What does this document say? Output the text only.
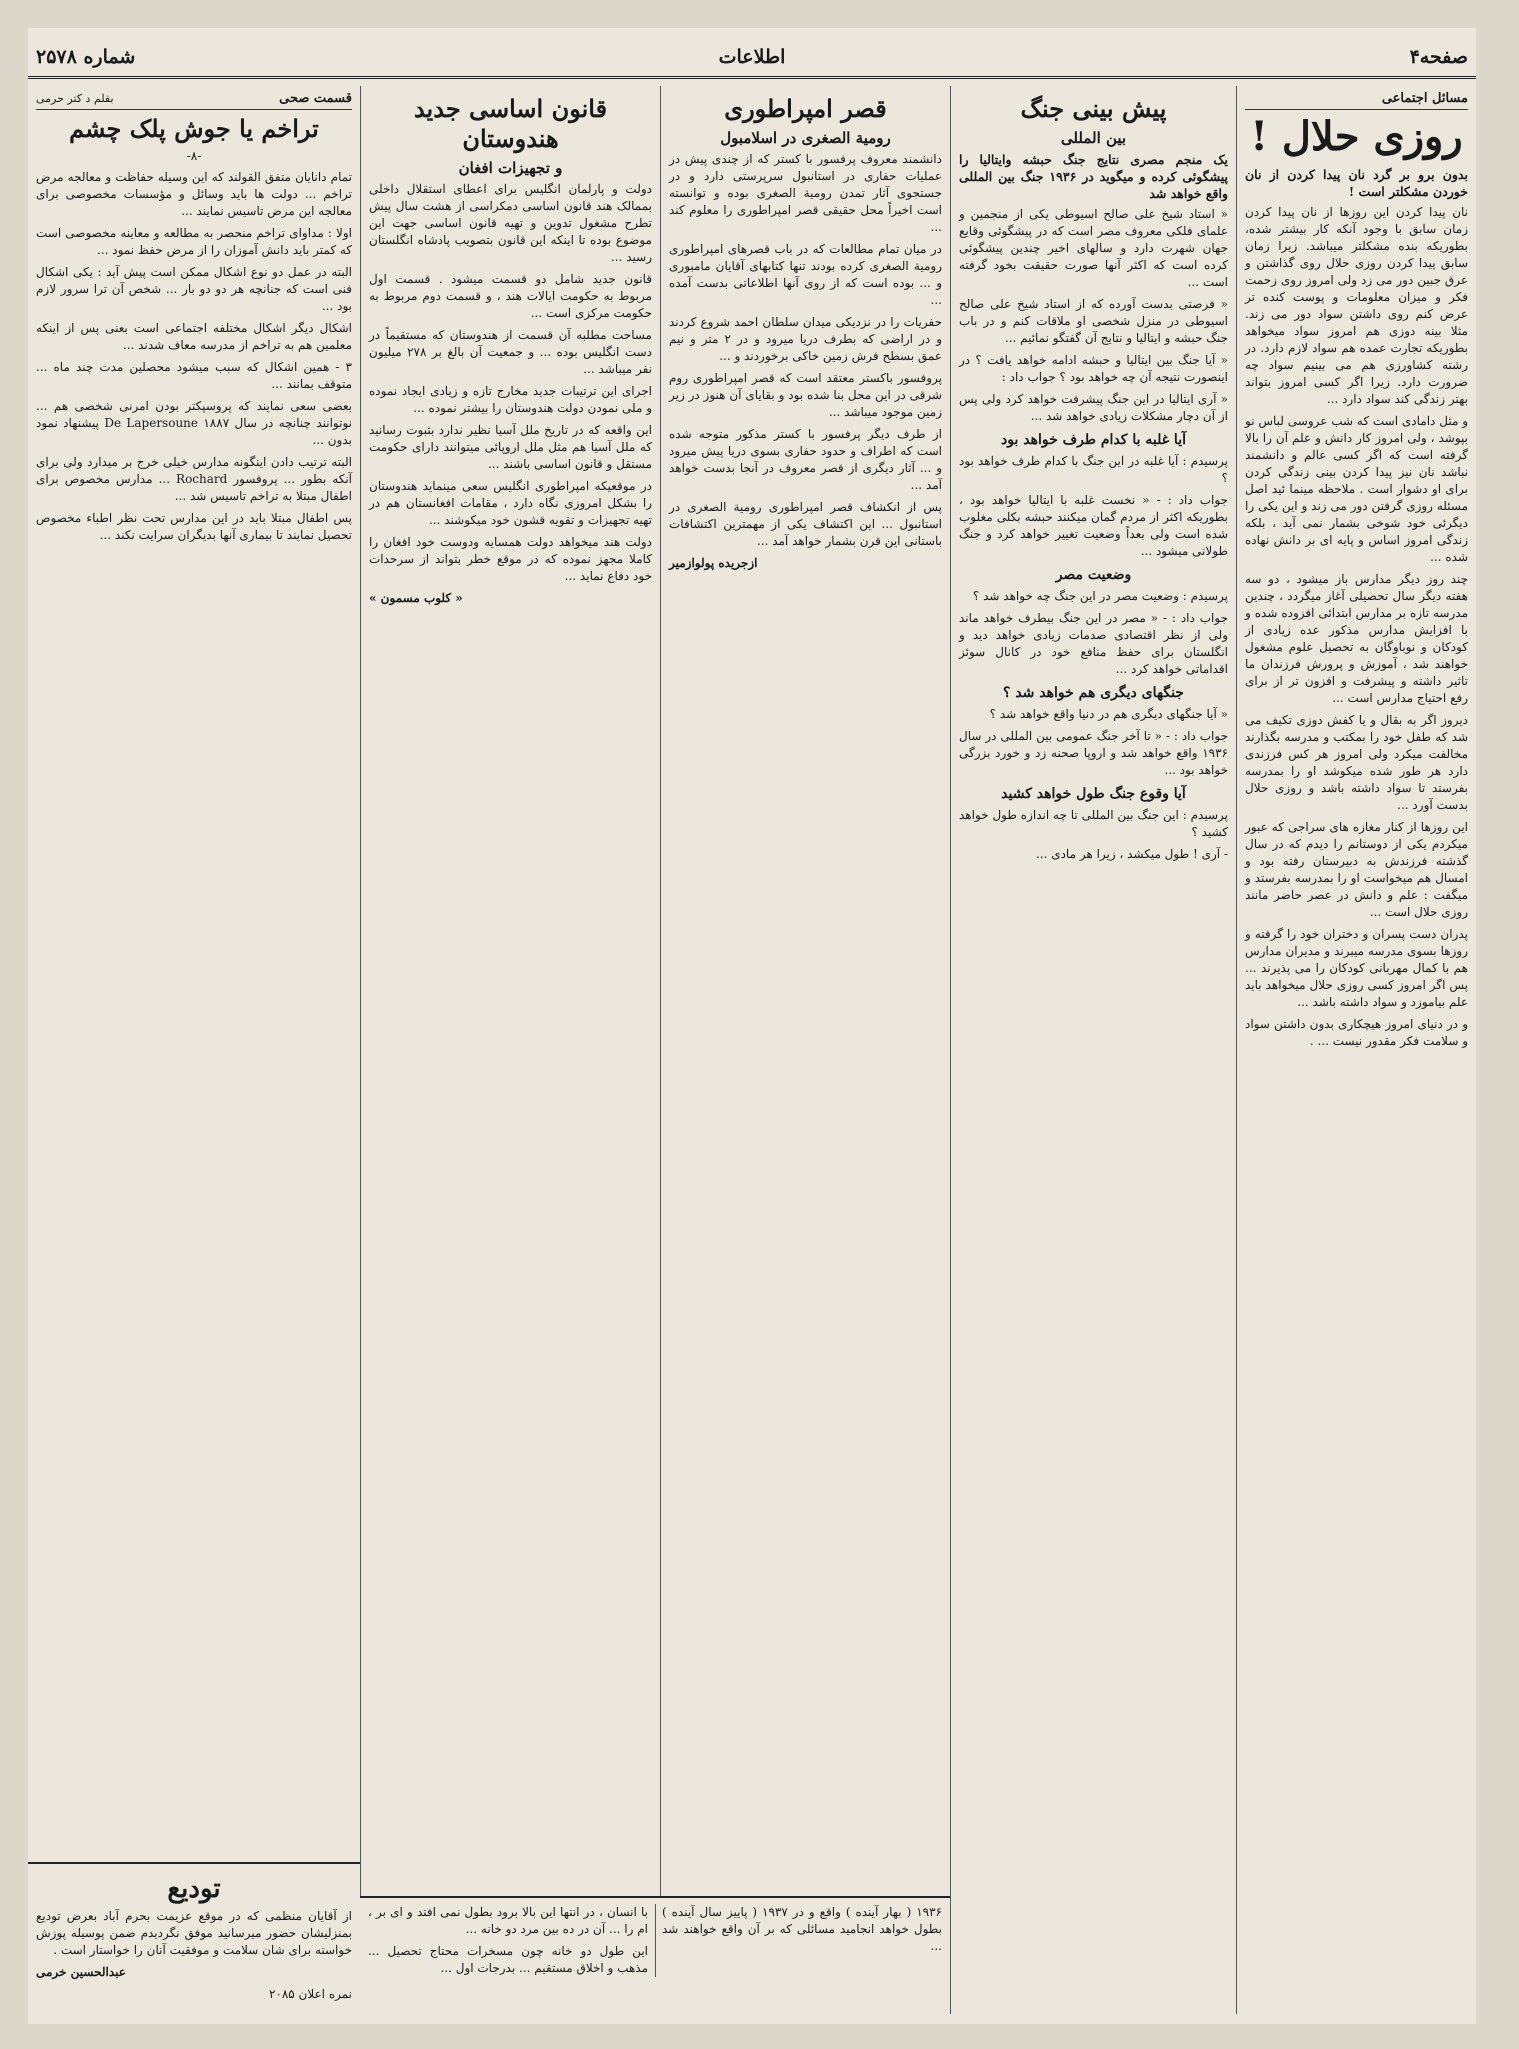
صفحه۴
اطلاعات
شماره ۲۵۷۸
مسائل اجتماعی
روزی حلال !
بدون برو بر گرد نان پیدا کردن از نان خوردن مشکلتر است !

نان پیدا کردن این روزها از نان پیدا کردن زمان سابق با وجود آنکه کار بیشتر شده، بطوریکه بنده مشکلتر میباشد. زیرا زمان سابق پیدا کردن روزی حلال روی گذاشتن و عرق جبین دور می زد ولی امروز روی زحمت فکر و میزان معلومات و پوست کنده تر عرض کنم روی داشتن سواد دور می زند. مثلا بینه دوزی هم امروز سواد میخواهد بطوریکه تجارت عمده هم سواد لازم دارد. در رشته کشاورزی هم می بینیم سواد چه ضرورت دارد. زیرا اگر کسی امروز بتواند بهتر زندگی کند سواد دارد ...

و مثل دامادی است که شب عروسی لباس نو بپوشد ، ولی امروز کار دانش و علم آن را بالا گرفته است که اگر کسی عالم و دانشمند نباشد نان نیز پیدا کردن بینی زندگی کردن برای او دشوار است . ملاحظه مینما ئید اصل مسئله روزی گرفتن دور می زند و این یکی را دیگرئی خود شوخی بشمار نمی آید ، بلکه زندگی امروز اساس و پایه ای بر دانش نهاده شده ...

چند روز دیگر مدارس باز میشود ، دو سه هفته دیگر سال تحصیلی آغاز میگردد ، چندین مدرسه تازه بر مدارس ابتدائی افزوده شده و با افزایش مدارس مذکور عده زیادی از کودکان و نوباوگان به تحصیل علوم مشغول خواهند شد ، آموزش و پرورش فرزندان ما تاثیر داشته و پیشرفت و افزون تر از برای رفع احتیاج مدارس است ...

دیروز اگر به بقال و یا کفش دوزی تکیف می شد که طفل خود را بمکتب و مدرسه بگذارند مخالفت میکرد ولی امروز هر کس فرزندی دارد هر طور شده میکوشد او را بمدرسه بفرستد تا سواد داشته باشد و روزی حلال بدست آورد ...

این روزها از کنار مغازه های سراجی که عبور میکردم یکی از دوستانم را دیدم که در سال گذشته فرزندش به دبیرستان رفته بود و امسال هم میخواست او را بمدرسه بفرستد و میگفت : علم و دانش در عصر حاضر مانند روزی حلال است ...

پدران دست پسران و دختران خود را گرفته و روزها بسوی مدرسه میبرند و مدیران مدارس هم با کمال مهربانی کودکان را می پذیرند ... پس اگر امروز کسی روزی حلال میخواهد باید علم بیاموزد و سواد داشته باشد ...

و در دنیای امروز هیچکاری بدون داشتن سواد و سلامت فکر مقدور نیست ... .

پیش بینی جنگ
بین المللی
یک منجم مصری نتایج جنگ حبشه وایتالیا را پیشگوئی کرده و میگوید در ۱۹۳۶ جنگ بین المللی واقع خواهد شد

« استاد شیخ علی صالح اسیوطی یکی از منجمین و علمای فلکی معروف مصر است که در پیشگوئی وقایع جهان شهرت دارد و سالهای اخیر چندین پیشگوئی کرده است که اکثر آنها صورت حقیقت بخود گرفته است ...

« فرصتی بدست آورده که از استاد شیخ علی صالح اسیوطی در منزل شخصی او ملاقات کنم و در باب جنگ حبشه و ایتالیا و نتایج آن گفتگو نمائیم ...

« آیا جنگ بین ایتالیا و حبشه ادامه خواهد یافت ؟ در اینصورت نتیجه آن چه خواهد بود ؟ جواب داد :

« آری ایتالیا در این جنگ پیشرفت خواهد کرد ولی پس از آن دچار مشکلات زیادی خواهد شد ...

آیا غلبه با کدام طرف خواهد بود

پرسیدم : آیا غلبه در این جنگ با کدام طرف خواهد بود ؟

جواب داد : - « نخست غلبه با ایتالیا خواهد بود ، بطوریکه اکثر از مردم گمان میکنند حبشه بکلی مغلوب شده است ولی بعداً وضعیت تغییر خواهد کرد و جنگ طولانی میشود ...

وضعیت مصر

پرسیدم : وضعیت مصر در این جنگ چه خواهد شد ؟

جواب داد : - « مصر در این جنگ بیطرف خواهد ماند ولی از نظر اقتصادی صدمات زیادی خواهد دید و انگلستان برای حفظ منافع خود در کانال سوئز اقداماتی خواهد کرد ...

جنگهای دیگری هم خواهد شد ؟

« آیا جنگهای دیگری هم در دنیا واقع خواهد شد ؟

جواب داد : - « تا آخر جنگ عمومی بین المللی در سال ۱۹۳۶ واقع خواهد شد و اروپا صحنه زد و خورد بزرگی خواهد بود ...

آیا وقوع جنگ طول خواهد کشید

پرسیدم : این جنگ بین المللی تا چه اندازه طول خواهد کشید ؟

- آری ! طول میکشد ، زیرا هر مادی ...

قصر امپراطوری
رومیة الصغری در اسلامبول

دانشمند معروف پرفسور با کستر که از چندی پیش در عملیات حفاری در استانبول سرپرستی دارد و در جستجوی آثار تمدن رومیة الصغری بوده و توانسته است اخیراً محل حقیقی قصر امپراطوری را معلوم کند ...

در میان تمام مطالعات که در باب قصرهای امپراطوری رومیة الصغری کرده بودند تنها کتابهای آقایان مامبوری و ... بوده است که از روی آنها اطلاعاتی بدست آمده ...

حفریات را در نزدیکی میدان سلطان احمد شروع کردند و در اراضی که بطرف دریا میرود و در ۲ متر و نیم عمق بسطح فرش زمین خاکی برخوردند و ...

پروفسور باکستر معتقد است که قصر امپراطوری روم شرقی در این محل بنا شده بود و بقایای آن هنوز در زیر زمین موجود میباشد ...

از طرف دیگر پرفسور با کستر مذکور متوجه شده است که اطراف و حدود حفاری بسوی دریا پیش میرود و ... آثار دیگری از قصر معروف در آنجا بدست خواهد آمد ...

پس از انکشاف قصر امپراطوری رومیة الصغری در استانبول ... این اکتشاف یکی از مهمترین اکتشافات باستانی این قرن بشمار خواهد آمد ...

ازجریده پولوازمیر

قانون اساسی جدید هندوستان
و تجهیزات افغان

دولت و پارلمان انگلیس برای اعطای استقلال داخلی بممالک هند قانون اساسی دمکراسی از هشت سال پیش تطرح مشغول تدوین و تهیه قانون اساسی جهت این موضوع بوده تا اینکه این قانون بتصویب پادشاه انگلستان رسید ...

قانون جدید شامل دو قسمت میشود . قسمت اول مربوط به حکومت ایالات هند ، و قسمت دوم مربوط به حکومت مرکزی است ...

مساحت مطلبه آن قسمت از هندوستان که مستقیماً در دست انگلیس بوده ... و جمعیت آن بالغ بر ۲۷۸ میلیون نفر میباشد ...

اجرای این ترتیبات جدید مخارج تازه و زیادی ایجاد نموده و ملی نمودن دولت هندوستان را بیشتر نموده ...

این واقعه که در تاریخ ملل آسیا نظیر ندارد بثبوت رسانید که ملل آسیا هم مثل ملل اروپائی میتوانند دارای حکومت مستقل و قانون اساسی باشند ...

در موقعیکه امپراطوری انگلیس سعی مینماید هندوستان را بشکل امروزی نگاه دارد ، مقامات افغانستان هم در تهیه تجهیزات و تقویه قشون خود میکوشند ...

دولت هند میخواهد دولت همسایه ودوست خود افغان را کاملا مجهز نموده که در موقع خطر بتواند از سرحدات خود دفاع نماید ...

« کلوب مسمون »

قسمت صحی
بقلم د کتر حرمی
تراخم یا جوش پلک چشم
-۸-

تمام دانایان متفق القولند که این وسیله حفاظت و معالجه مرض تراخم ... دولت ها باید وسائل و مؤسسات مخصوصی برای معالجه این مرض تاسیس نمایند ...

اولا : مداوای تراخم منحصر به مطالعه و معاینه مخصوصی است که کمتر باید دانش آموزان را از مرض حفظ نمود ...

البته در عمل دو نوع اشکال ممکن است پیش آید : یکی اشکال فنی است که جنانچه هر دو دو بار ... شخص آن ترا سرور لازم بود ...

اشکال دیگر اشکال مختلفه اجتماعی است بعنی پس از اینکه معلمین هم به تراخم از مدرسه معاف شدند ...

۳ - همین اشکال که سبب میشود محصلین مدت چند ماه ... متوقف بمانند ...

بعضی سعی نمایند که پروسپکتر بودن امرنی شخصی هم ... نوتوانند چنانچه در سال ۱۸۸۷ De Lapersoune پیشنهاد نمود بدون ...

البته ترتیب دادن اینگونه مدارس خیلی خرج بر میدارد ولی برای آنکه بطور ... پروفسور Rochard ... مدارس مخصوص برای اطفال مبتلا به تراخم تاسیس شد ...

پس اطفال مبتلا باید در این مدارس تحت نظر اطباء مخصوص تحصیل نمایند تا بیماری آنها بدیگران سرایت نکند ...

تودیع

از آقایان منظمی که در موقع عزیمت بحرم آباد بعرض تودیع بمنزلیشان حضور میرسانید موفق نگردیدم ضمن پوسیله پوزش خواسته برای شان سلامت و موفقیت آنان را خواستار است .

عبدالحسین خرمی

نمره اعلان ۲۰۸۵

۱۹۳۶ ( بهار آینده ) واقع و در ۱۹۳۷ ( پاییز سال آینده ) بطول خواهد انجامید مسائلی که بر آن واقع خواهند شد ...

با انسان ، در انتها این بالا برود بطول نمی افتد و ای بر ، ام را ... آن در ده بین مرد دو خانه ...

این طول دو خانه چون مسخرات محتاج تحصیل ... مذهب و اخلاق مستقیم ... بدرجات اول ...
